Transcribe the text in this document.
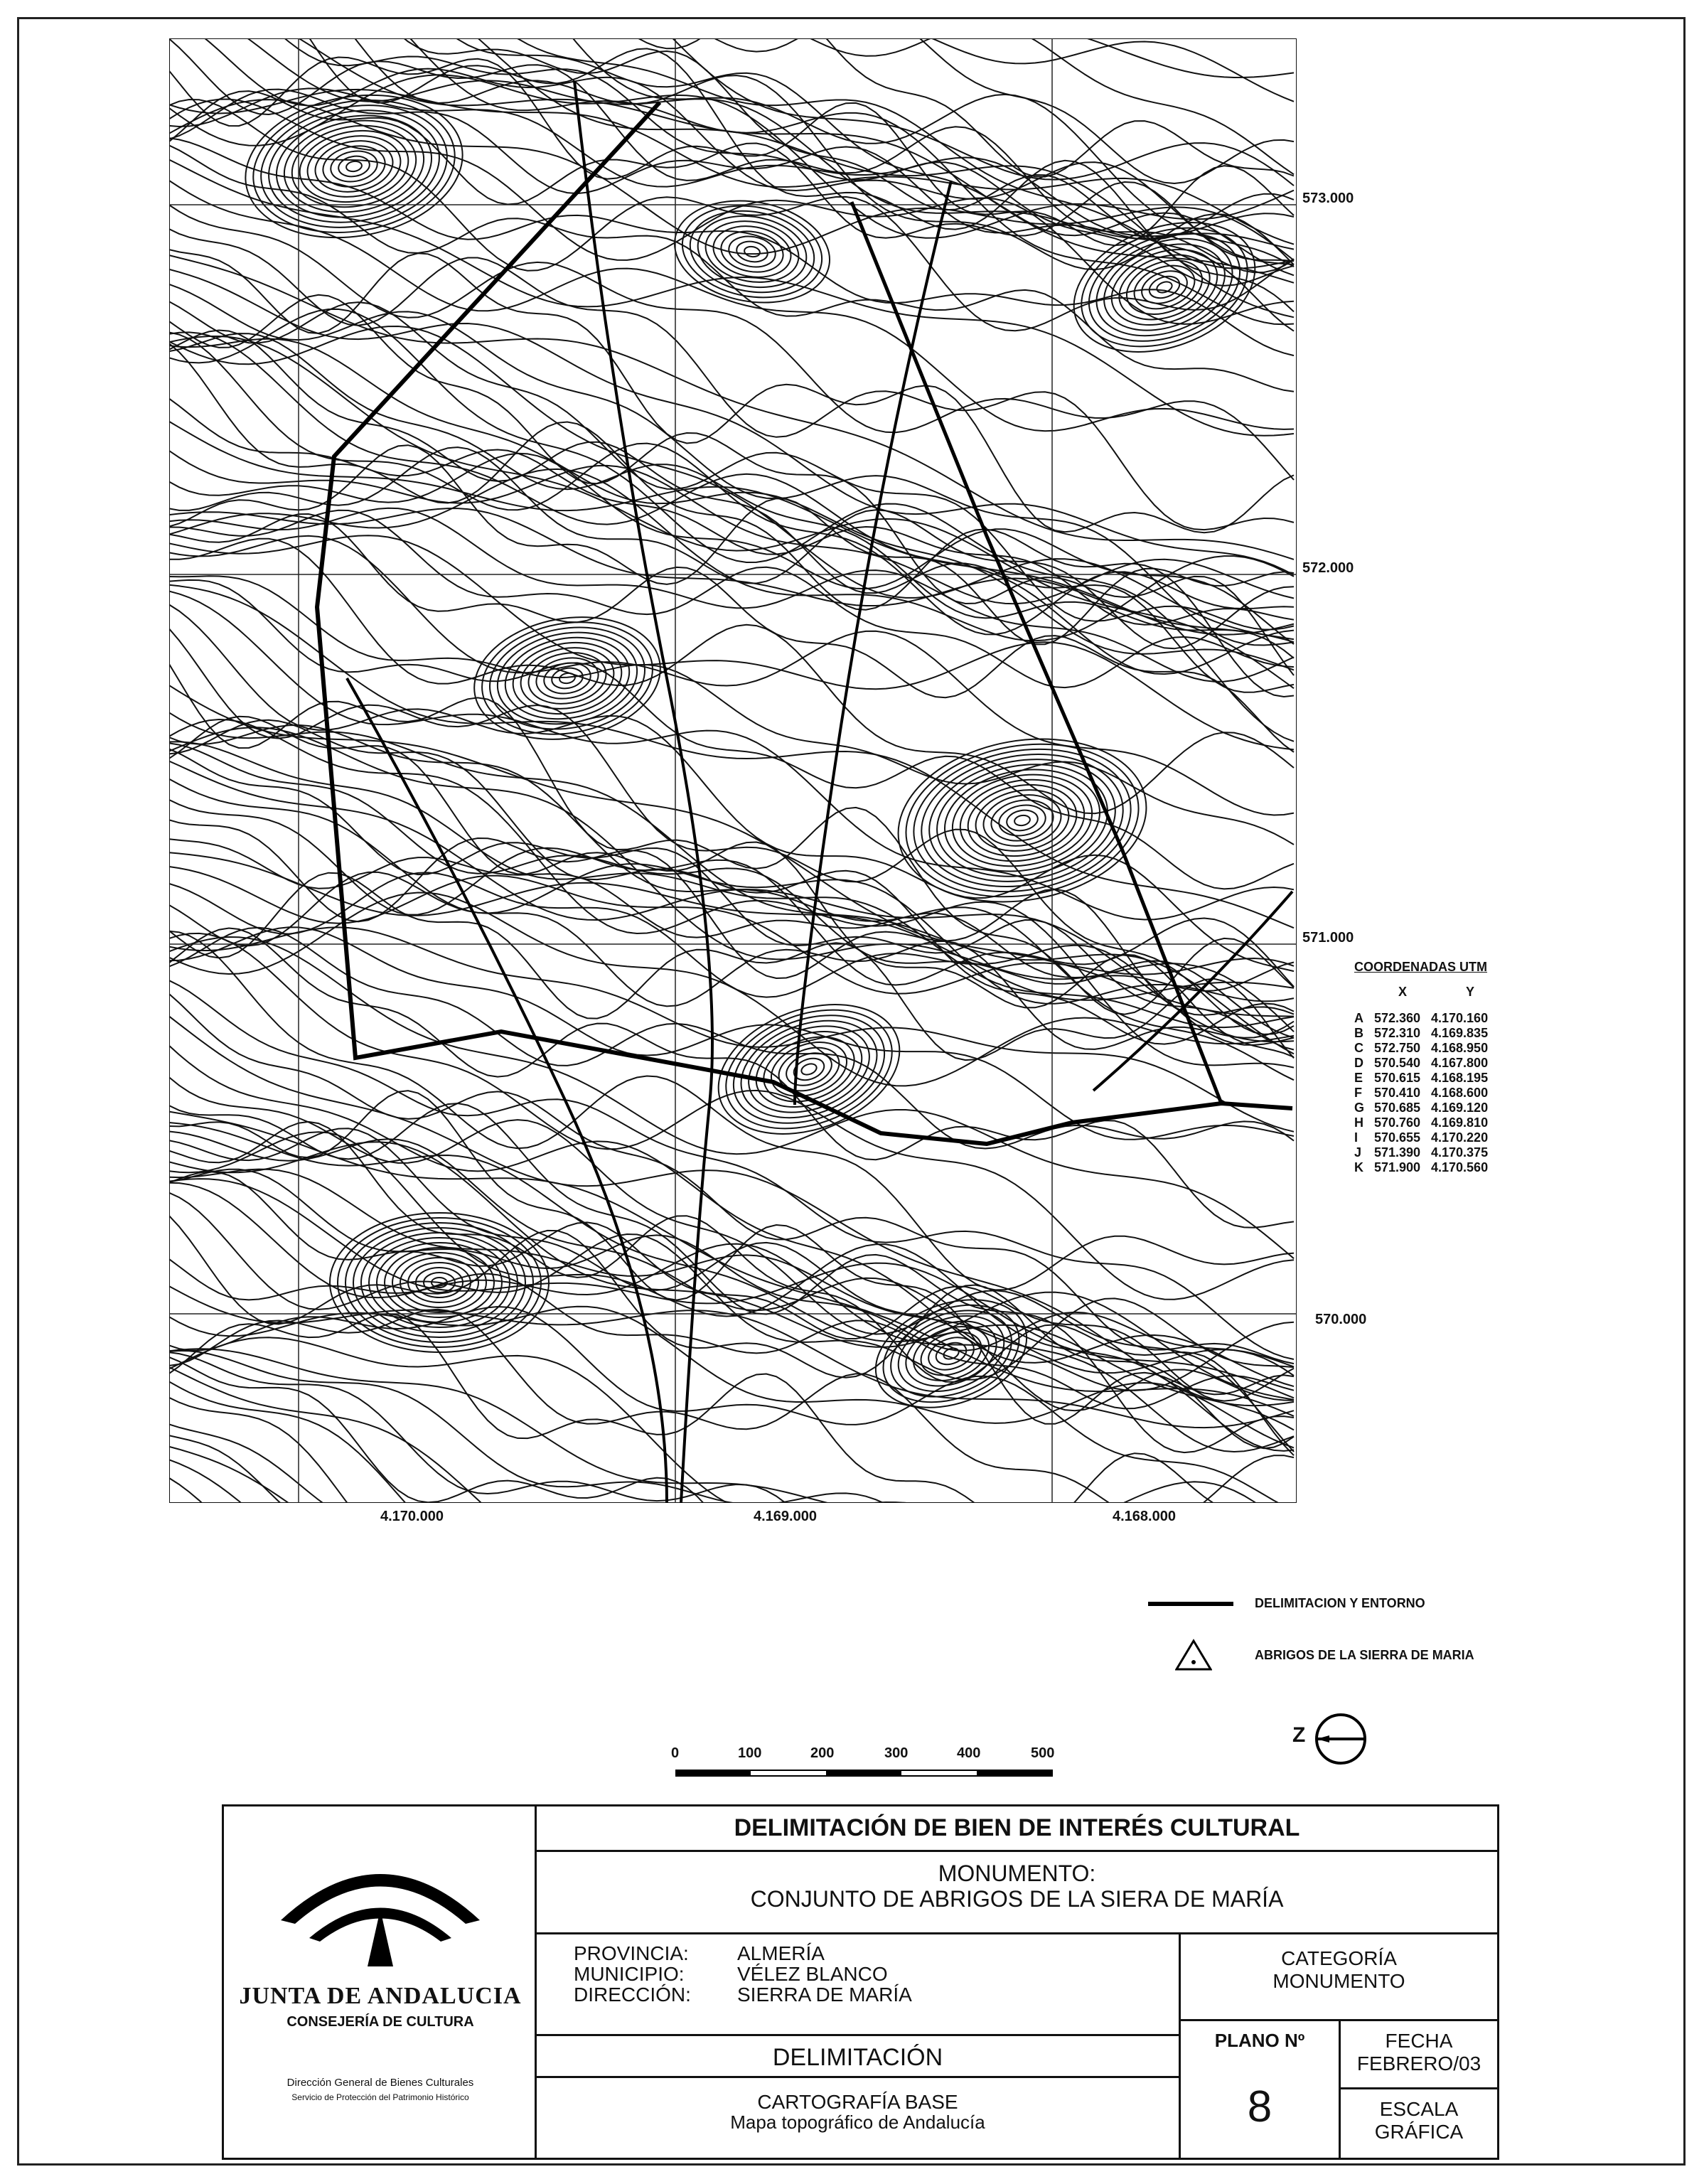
573.000
572.000
571.000
570.000
4.170.000	4.169.000	4.168.000
COORDENADAS UTM
X	Y
A 572.360 4.170.160
B 572.310 4.169.835
C 572.750 4.168.950
D 570.540 4.167.800
E 570.615 4.168.195
F 570.410 4.168.600
G 570.685 4.169.120
H 570.760 4.169.810
I	570.655 4.170.220
J 571.390 4.170.375
K 571.900 4.170.560
DELIMITACION Y ENTORNO
ABRIGOS DE LA SIERRA DE MARIA
Z
0	100	200	300	400	500
JUNTA DE ANDALUCIA
CONSEJERÍA DE CULTURA
Dirección General de Bienes Culturales
Servicio de Protección del Patrimonio Histórico
DELIMITACIÓN DE BIEN DE INTERÉS CULTURAL
MONUMENTO:
CONJUNTO DE ABRIGOS DE LA SIERA DE MARÍA
PROVINCIA: ALMERÍA
MUNICIPIO:	VÉLEZ BLANCO
DIRECCIÓN: SIERRA DE MARÍA
CATEGORÍA
MONUMENTO
DELIMITACIÓN
CARTOGRAFÍA BASE
Mapa topográfico de Andalucía
PLANO Nº
8
FECHA
FEBRERO/03
ESCALA
GRÁFICA
